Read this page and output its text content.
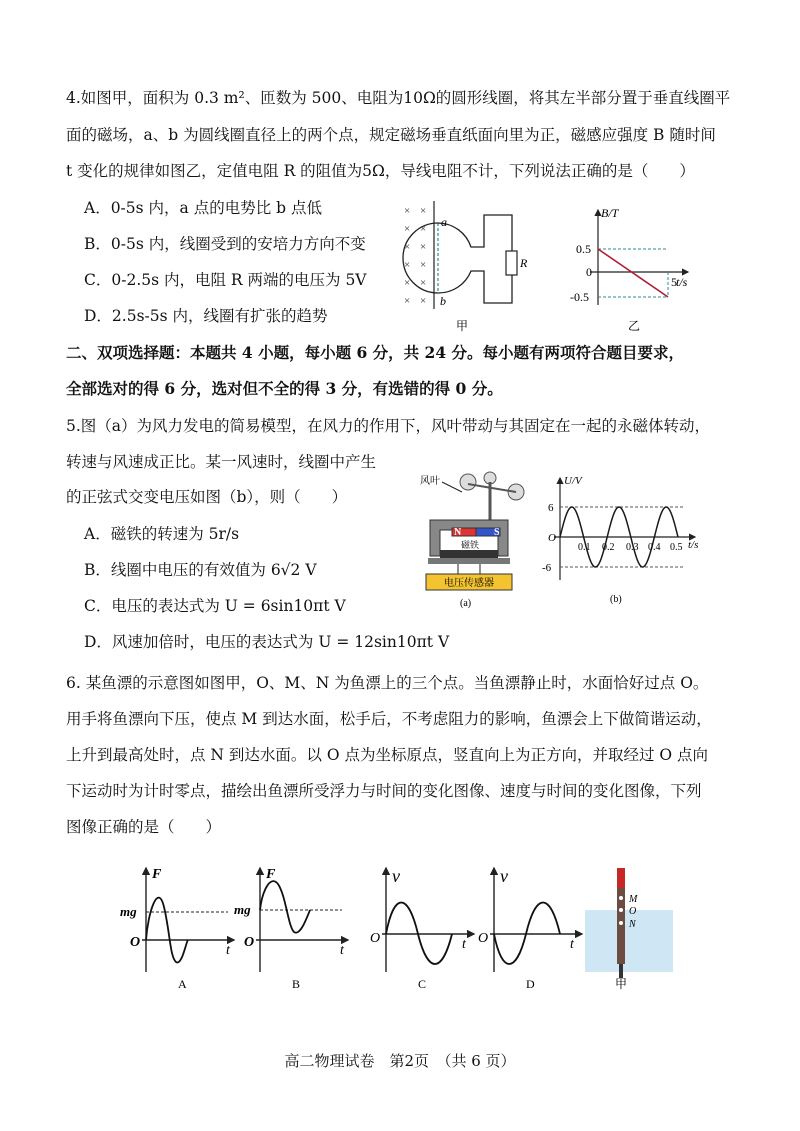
4.如图甲，面积为 0.3 m²、匝数为 500、电阻为10Ω的圆形线圈，将其左半部分置于垂直线圈平
面的磁场，a、b 为圆线圈直径上的两个点，规定磁场垂直纸面向里为正，磁感应强度 B 随时间
t 变化的规律如图乙，定值电阻 R 的阻值为5Ω，导线电阻不计，下列说法正确的是（　　）
A．0-5s 内，a 点的电势比 b 点低
B．0-5s 内，线圈受到的安培力方向不变
C．0-2.5s 内，电阻 R 两端的电压为 5V
D．2.5s-5s 内，线圈有扩张的趋势
× ×
× ×
× ×
× ×
× ×
× ×
a
b
R
甲
B/T
5 t/s
0.5
0
-0.5
乙
二、双项选择题：本题共 4 小题，每小题 6 分，共 24 分。每小题有两项符合题目要求，
全部选对的得 6 分，选对但不全的得 3 分，有选错的得 0 分。
5.图（a）为风力发电的简易模型，在风力的作用下，风叶带动与其固定在一起的永磁体转动，
转速与风速成正比。某一风速时，线圈中产生
的正弦式交变电压如图（b），则（　　）
A．磁铁的转速为 5r/s
B．线圈中电压的有效值为 6√2 V
C．电压的表达式为 U = 6sin10πt V
D．风速加倍时，电压的表达式为 U = 12sin10πt V
风叶
N	S
磁铁
电压传感器
(a)
U/V
t/s
6
O
-6
0.1 0.2 0.3 0.4 0.5
(b)
6. 某鱼漂的示意图如图甲，O、M、N 为鱼漂上的三个点。当鱼漂静止时，水面恰好过点 O。
用手将鱼漂向下压，使点 M 到达水面，松手后，不考虑阻力的影响，鱼漂会上下做简谐运动，
上升到最高处时，点 N 到达水面。以 O 点为坐标原点，竖直向上为正方向，并取经过 O 点向
下运动时为计时零点，描绘出鱼漂所受浮力与时间的变化图像、速度与时间的变化图像，下列
图像正确的是（　　）
F
mg
O
t
A
F
mg
O
t
B
v
O	t
C
v
O	t
D
M
O
N
甲
高二物理试卷　第2页　（共 6 页）
